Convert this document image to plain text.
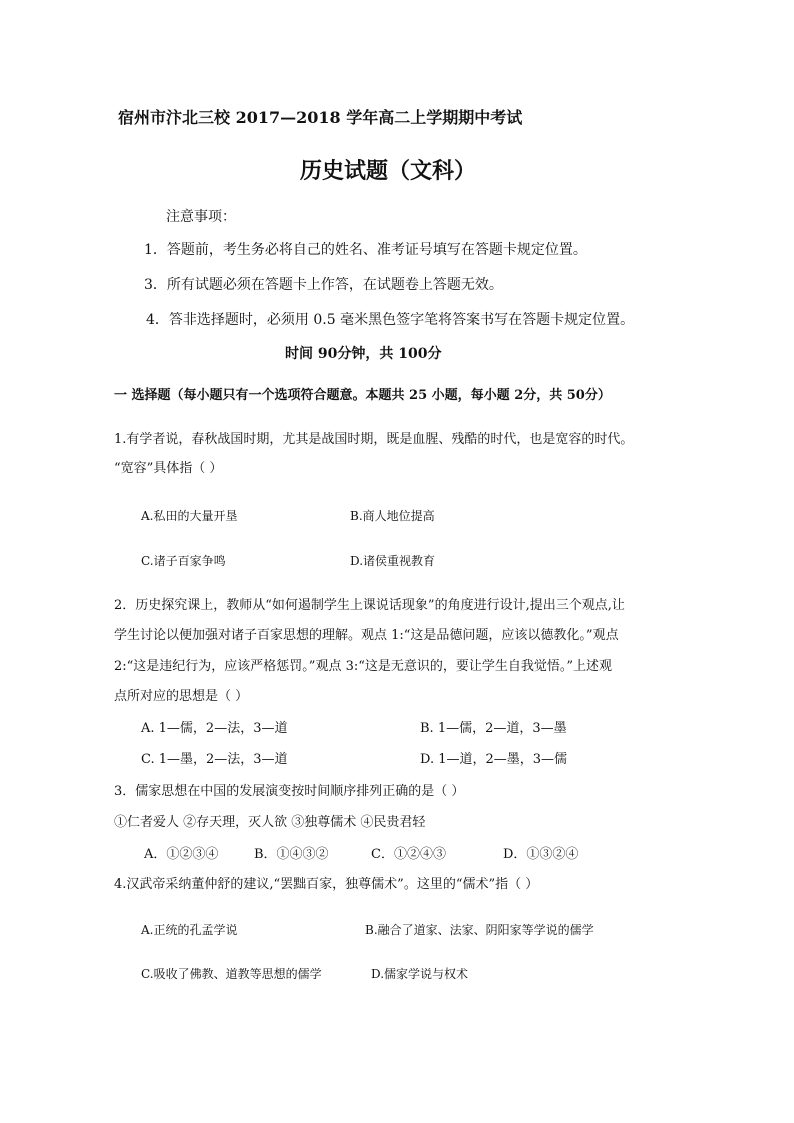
宿州市汴北三校 2017—2018 学年高二上学期期中考试
历史试题（文科）
注意事项：
1．答题前，考生务必将自己的姓名、准考证号填写在答题卡规定位置。
3．所有试题必须在答题卡上作答，在试题卷上答题无效。
4．答非选择题时，必须用 0.5 毫米黑色签字笔将答案书写在答题卡规定位置。
时间 90分钟，共 100分
一 选择题（每小题只有一个选项符合题意。本题共 25 小题，每小题 2分，共 50分）
1.有学者说，春秋战国时期，尤其是战国时期，既是血腥、残酷的时代，也是宽容的时代。
“宽容”具体指（ ）
A.私田的大量开垦	B.商人地位提高
C.诸子百家争鸣	D.诸侯重视教育
2．历史探究课上，教师从“如何遏制学生上课说话现象”的角度进行设计,提出三个观点,让
学生讨论以便加强对诸子百家思想的理解。观点 1:“这是品德问题，应该以德教化。”观点
2:“这是违纪行为，应该严格惩罚。”观点 3:“这是无意识的，要让学生自我觉悟。”上述观
点所对应的思想是（ ）
A. 1—儒，2—法，3—道	B. 1—儒，2—道，3—墨
C. 1—墨，2—法，3—道	D. 1—道，2—墨，3—儒
3．儒家思想在中国的发展演变按时间顺序排列正确的是（ ）
①仁者爱人 ②存天理，灭人欲 ③独尊儒术 ④民贵君轻
A．①②③④	B．①④③②	C．①②④③	D．①③②④
4.汉武帝采纳董仲舒的建议,“罢黜百家，独尊儒术”。这里的“儒术”指（ ）
A.正统的孔孟学说	B.融合了道家、法家、阴阳家等学说的儒学
C.吸收了佛教、道教等思想的儒学	D.儒家学说与权术
